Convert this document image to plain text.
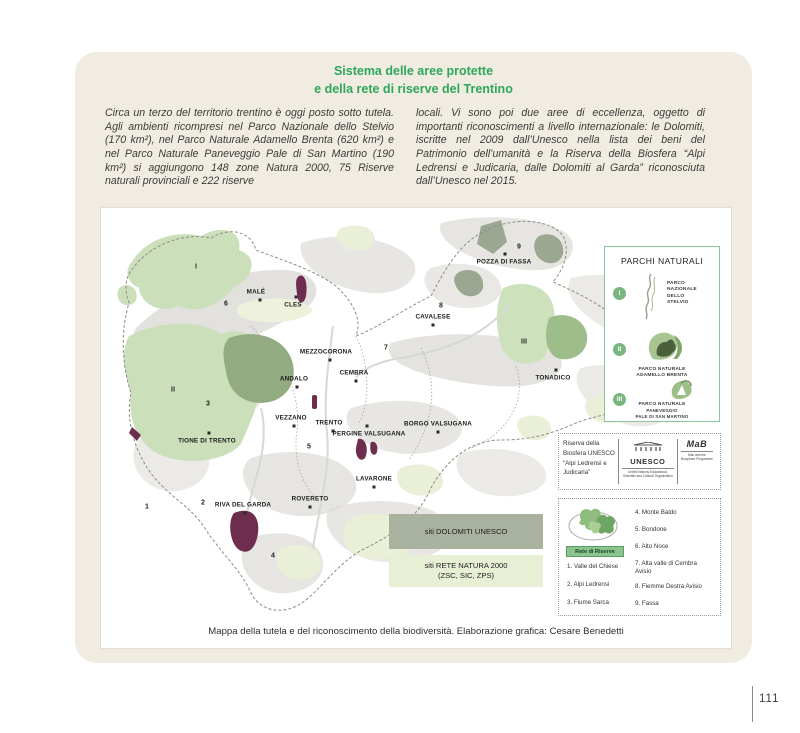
Sistema delle aree protette
e della rete di riserve del Trentino
Circa un terzo del territorio trentino è oggi posto sotto tutela. Agli ambienti ricompresi nel Parco Nazionale dello Stelvio (170 km²), nel Parco Naturale Adamello Brenta (620 km²) e nel Parco Naturale Paneveggio Pale di San Martino (190 km²) si aggiungono 148 zone Natura 2000, 75 Riserve naturali provinciali e 222 riserve
locali. Vi sono poi due aree di eccellenza, oggetto di importanti riconoscimenti a livello internazionale: le Dolomiti, iscritte nel 2009 dall’Unesco nella lista dei beni del Patrimonio dell’umanità e la Riserva della Biosfera “Alpi Ledrensi e Judicaria, dalle Dolomiti al Garda” riconosciuta dall’Unesco nel 2015.
MALÉ
CLES
MEZZOCORONA
CEMBRA
ANDALO
VEZZANO
TRENTO
PERGINE VALSUGANA
BORGO VALSUGANA
TIONE DI TRENTO
LAVARONE
ROVERETO
RIVA DEL GARDA
POZZA DI FASSA
CAVALESE
TONADICO
1
2
3
4
5
6
7
8
9
I
II
III
PARCHI NATURALI
I
II
III
PARCO
NAZIONALE
DELLO
STELVIO
PARCO NATURALE
ADAMELLO BRENTA
PARCO NATURALE
PANEVEGGIO
PALE DI SAN MARTINO
Riserva della
Biosfera UNESCO
“Alpi Ledrensi e
Judicaria”
UNESCO
United Nations Educational, Scientific and Cultural Organization
MaB
Man and the Biosphere Programme
Rete di Riserve
1. Valle del Chiese
2. Alpi Ledrensi
3. Fiume Sarca
4. Monte Baldo
5. Bondone
6. Alto Noce
7. Alta valle di Cembra Avisio
8. Fiemme Destra Avisio
9. Fassa
siti DOLOMITI UNESCO
siti RETE NATURA 2000
(ZSC, SIC, ZPS)
Mappa della tutela e del riconoscimento della biodiversità. Elaborazione grafica: Cesare Benedetti
111
